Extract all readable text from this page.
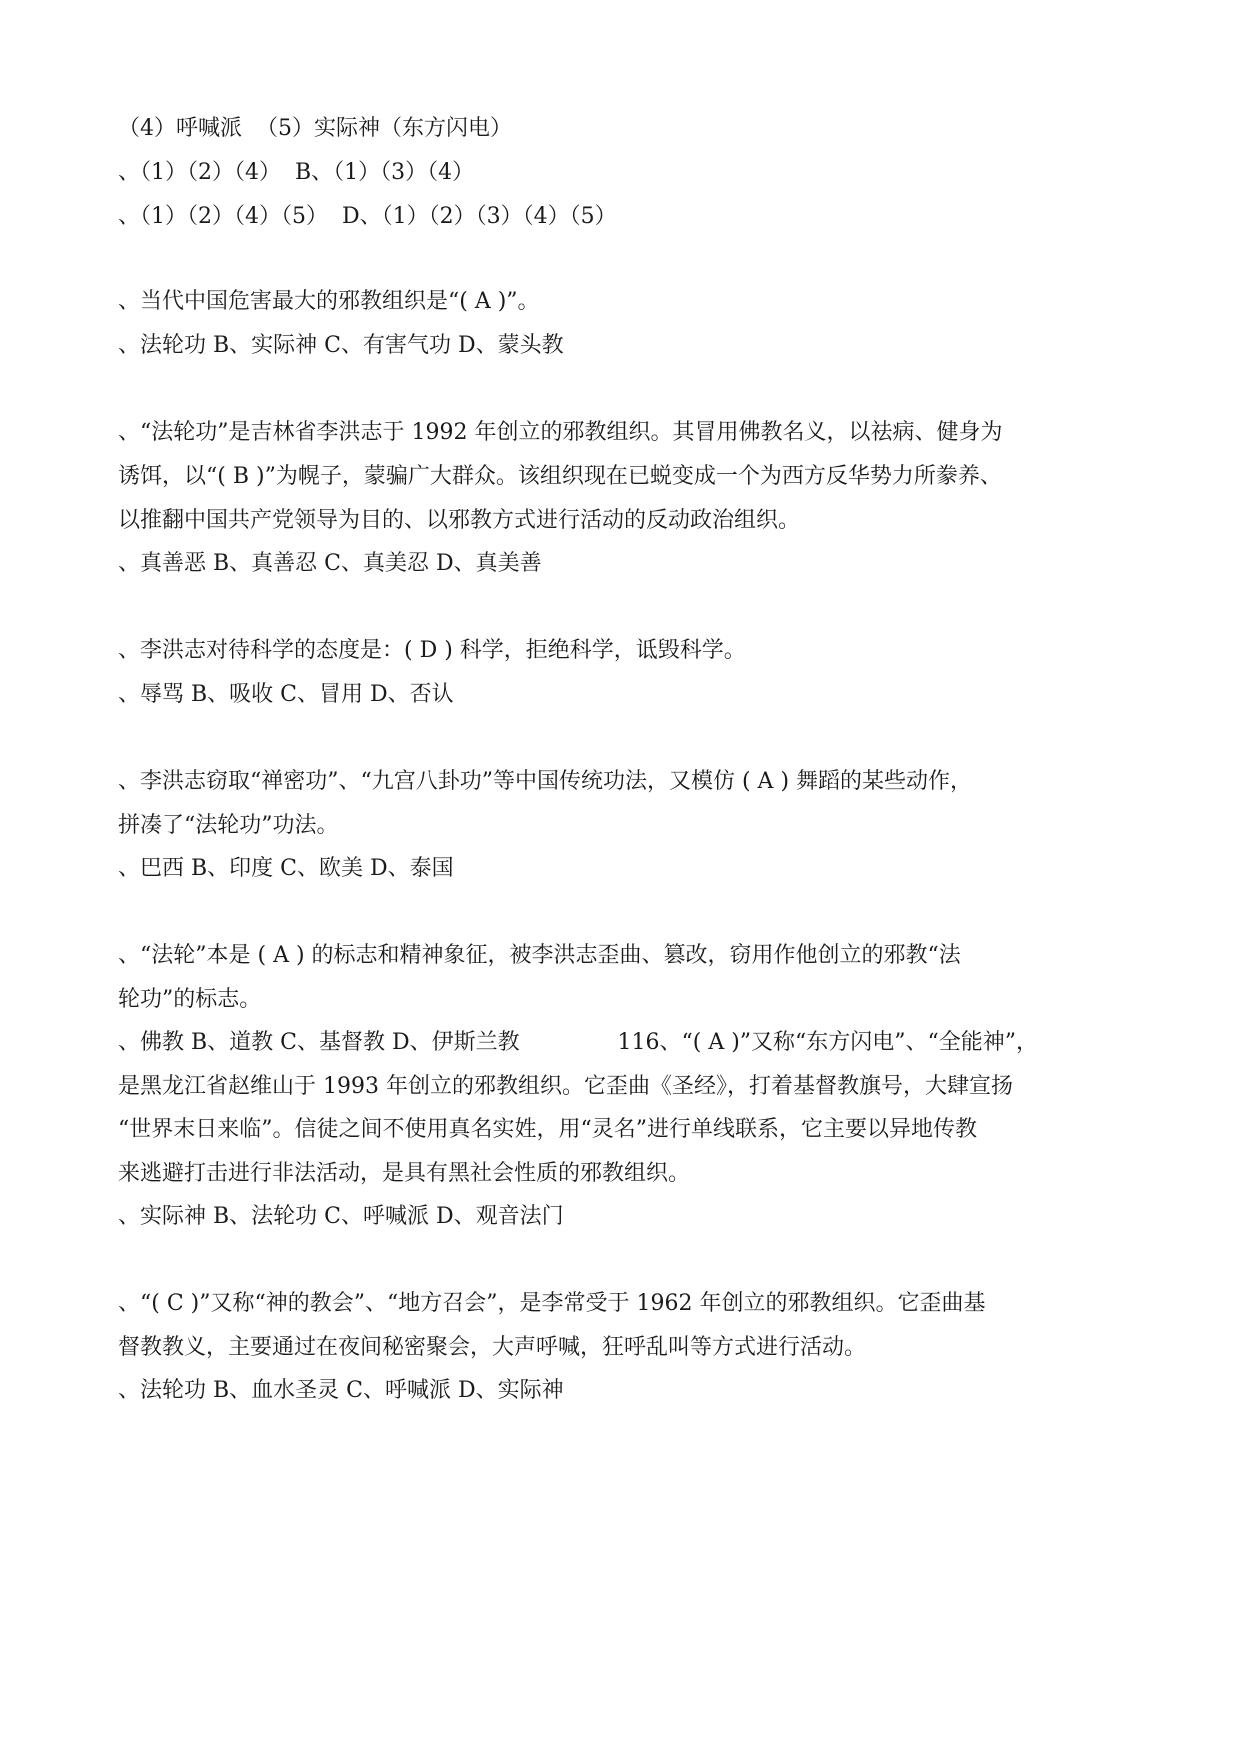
（4）呼喊派  （5）实际神（东方闪电）

、（1）（2）（4）  B、（1）（3）（4）

、（1）（2）（4）（5）  D、（1）（2）（3）（4）（5）

、当代中国危害最大的邪教组织是“( A )”。

、法轮功 B、实际神 C、有害气功 D、蒙头教

、“法轮功”是吉林省李洪志于 1992 年创立的邪教组织。其冒用佛教名义，以祛病、健身为

诱饵，以“( B )”为幌子，蒙骗广大群众。该组织现在已蜕变成一个为西方反华势力所豢养、

以推翻中国共产党领导为目的、以邪教方式进行活动的反动政治组织。

、真善恶 B、真善忍 C、真美忍 D、真美善

、李洪志对待科学的态度是：( D ) 科学，拒绝科学，诋毁科学。

、辱骂 B、吸收 C、冒用 D、否认

、李洪志窃取“禅密功”、“九宫八卦功”等中国传统功法，又模仿 ( A ) 舞蹈的某些动作，

拼凑了“法轮功”功法。

、巴西 B、印度 C、欧美 D、泰国

、“法轮”本是 ( A ) 的标志和精神象征，被李洪志歪曲、篡改，窃用作他创立的邪教“法

轮功”的标志。

、佛教 B、道教 C、基督教 D、伊斯兰教              116、“( A )”又称“东方闪电”、“全能神”，

是黑龙江省赵维山于 1993 年创立的邪教组织。它歪曲《圣经》，打着基督教旗号，大肆宣扬

“世界末日来临”。信徒之间不使用真名实姓，用“灵名”进行单线联系，它主要以异地传教

来逃避打击进行非法活动，是具有黑社会性质的邪教组织。

、实际神 B、法轮功 C、呼喊派 D、观音法门

、“( C )”又称“神的教会”、“地方召会”，是李常受于 1962 年创立的邪教组织。它歪曲基

督教教义，主要通过在夜间秘密聚会，大声呼喊，狂呼乱叫等方式进行活动。

、法轮功 B、血水圣灵 C、呼喊派 D、实际神
